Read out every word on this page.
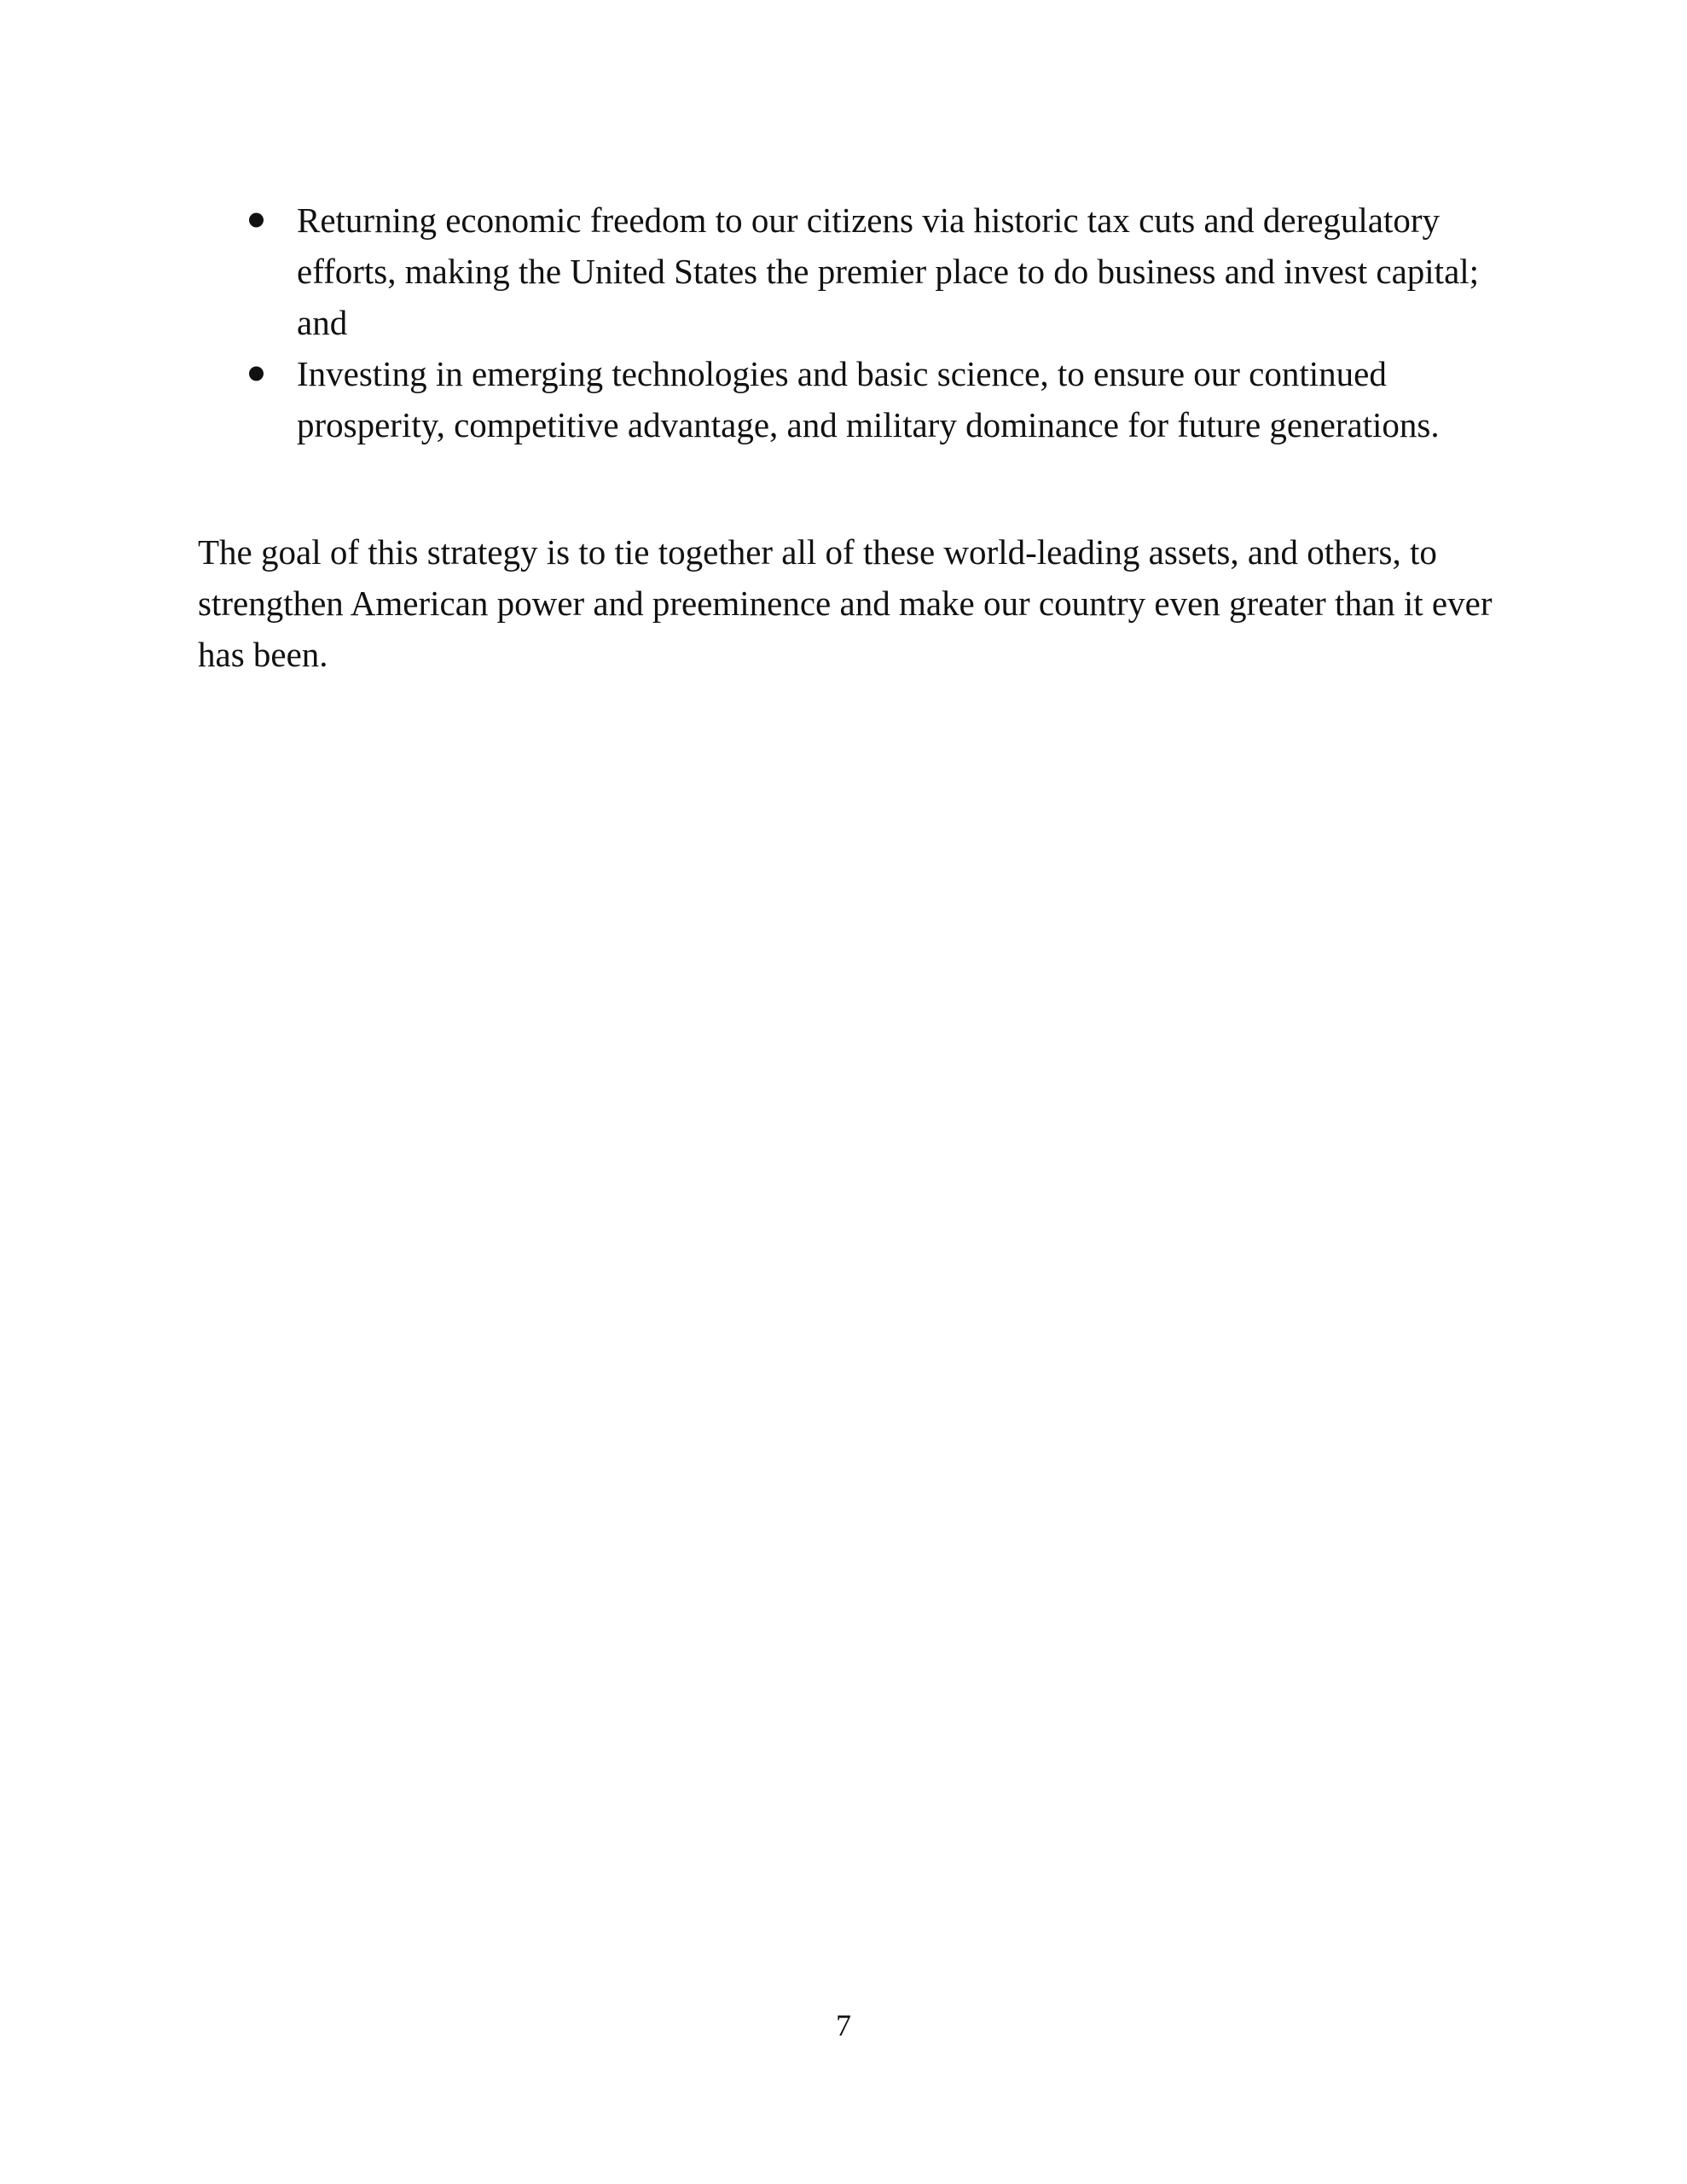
Returning economic freedom to our citizens via historic tax cuts and deregulatory efforts, making the United States the premier place to do business and invest capital; and
Investing in emerging technologies and basic science, to ensure our continued prosperity, competitive advantage, and military dominance for future generations.

The goal of this strategy is to tie together all of these world-leading assets, and others, to strengthen American power and preeminence and make our country even greater than it ever has been.

7
